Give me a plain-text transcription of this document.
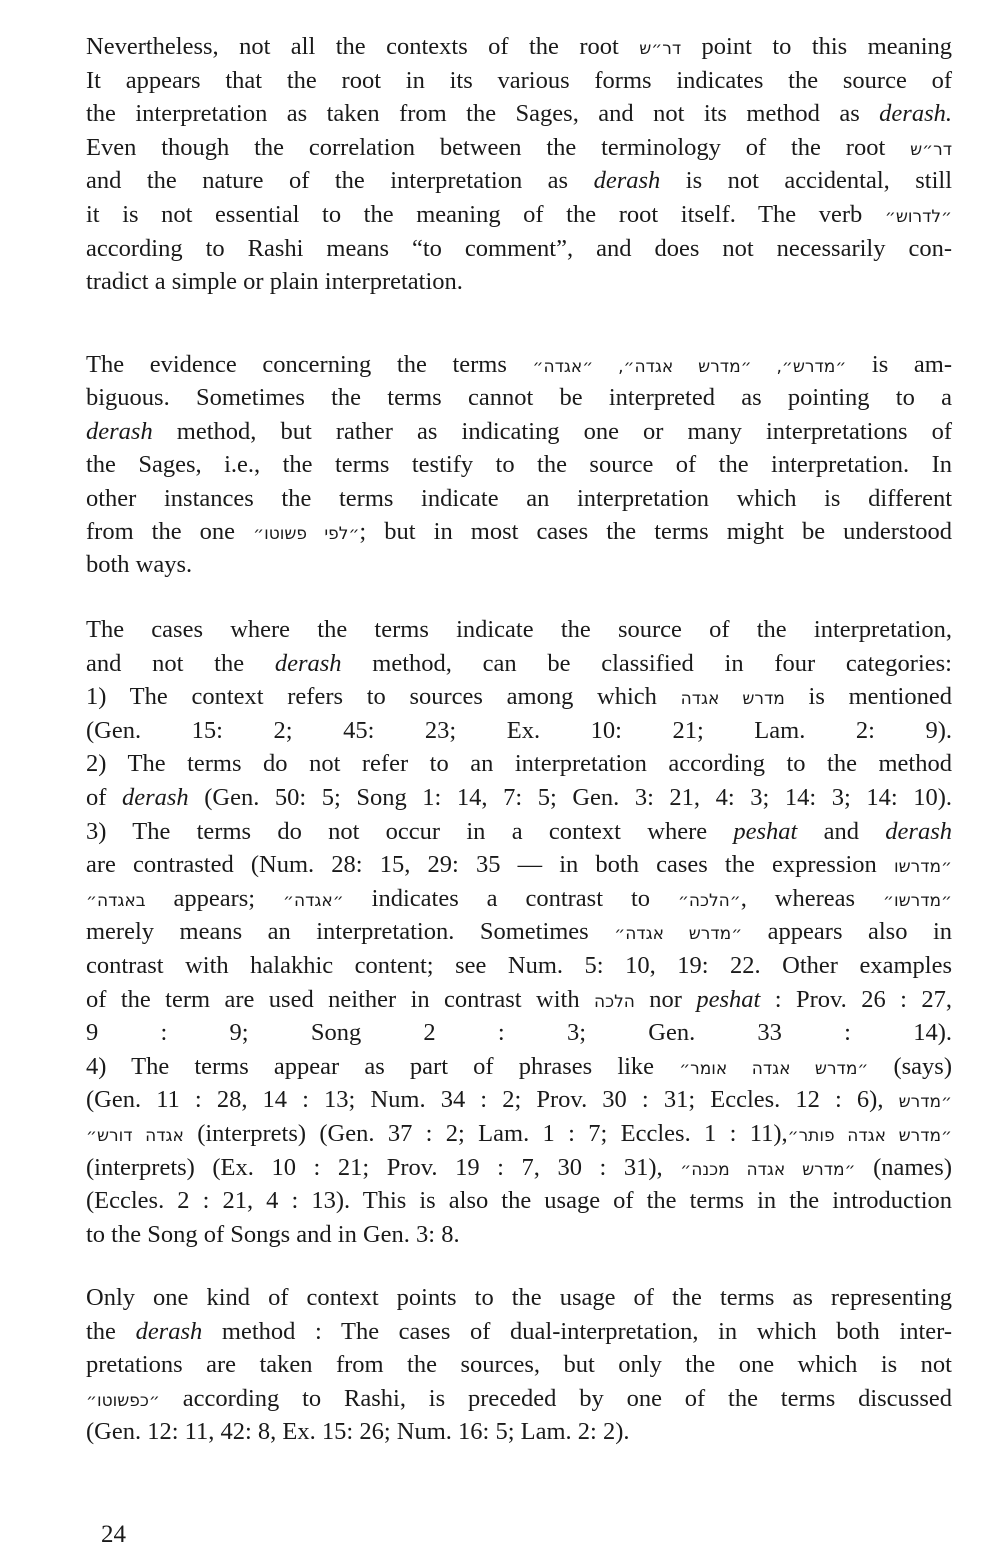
Nevertheless, not all the contexts of the root דר״ש point to this meaning
It appears that the root in its various forms indicates the source of
the interpretation as taken from the Sages, and not its method as derash.
Even though the correlation between the terminology of the root דר״ש
and the nature of the interpretation as derash is not accidental, still
it is not essential to the meaning of the root itself. The verb ״לדרוש״
according to Rashi means “to comment”, and does not necessarily con-
tradict a simple or plain interpretation.
The evidence concerning the terms ״מדרש״, ״מדרש אגדה״, ״אגדה״ is am-
biguous. Sometimes the terms cannot be interpreted as pointing to a
derash method, but rather as indicating one or many interpretations of
the Sages, i.e., the terms testify to the source of the interpretation. In
other instances the terms indicate an interpretation which is different
from the one ״לפי פשוטו״; but in most cases the terms might be understood
both ways.
The cases where the terms indicate the source of the interpretation,
and not the derash method, can be classified in four categories:
1) The context refers to sources among which מדרש אגדה is mentioned
(Gen. 15: 2; 45: 23; Ex. 10: 21; Lam. 2: 9).
2) The terms do not refer to an interpretation according to the method
of derash (Gen. 50: 5; Song 1: 14, 7: 5; Gen. 3: 21, 4: 3; 14: 3; 14: 10).
3) The terms do not occur in a context where peshat and derash
are contrasted (Num. 28: 15, 29: 35 — in both cases the expression ״מדרשו
באגדה״ appears; ״אגדה״ indicates a contrast to ״הלכה״, whereas ״מדרשו״
merely means an interpretation. Sometimes ״מדרש אגדה״ appears also in
contrast with halakhic content; see Num. 5: 10, 19: 22. Other examples
of the term are used neither in contrast with הלכה nor peshat : Prov. 26 : 27,
9 : 9; Song 2 : 3; Gen. 33 : 14).
4) The terms appear as part of phrases like ״מדרש אגדה אומר״ (says)
(Gen. 11 : 28, 14 : 13; Num. 34 : 2; Prov. 30 : 31; Eccles. 12 : 6), ״מדרש
אגדה דורש״ (interprets) (Gen. 37 : 2; Lam. 1 : 7; Eccles. 1 : 11),״מדרש אגדה פותר״
(interprets) (Ex. 10 : 21; Prov. 19 : 7, 30 : 31), ״מדרש אגדה מכנה״ (names)
(Eccles. 2 : 21, 4 : 13). This is also the usage of the terms in the introduction
to the Song of Songs and in Gen. 3: 8.
Only one kind of context points to the usage of the terms as representing
the derash method : The cases of dual-interpretation, in which both inter-
pretations are taken from the sources, but only the one which is not
״כפשוטו״ according to Rashi, is preceded by one of the terms discussed
(Gen. 12: 11, 42: 8, Ex. 15: 26; Num. 16: 5; Lam. 2: 2).
24
